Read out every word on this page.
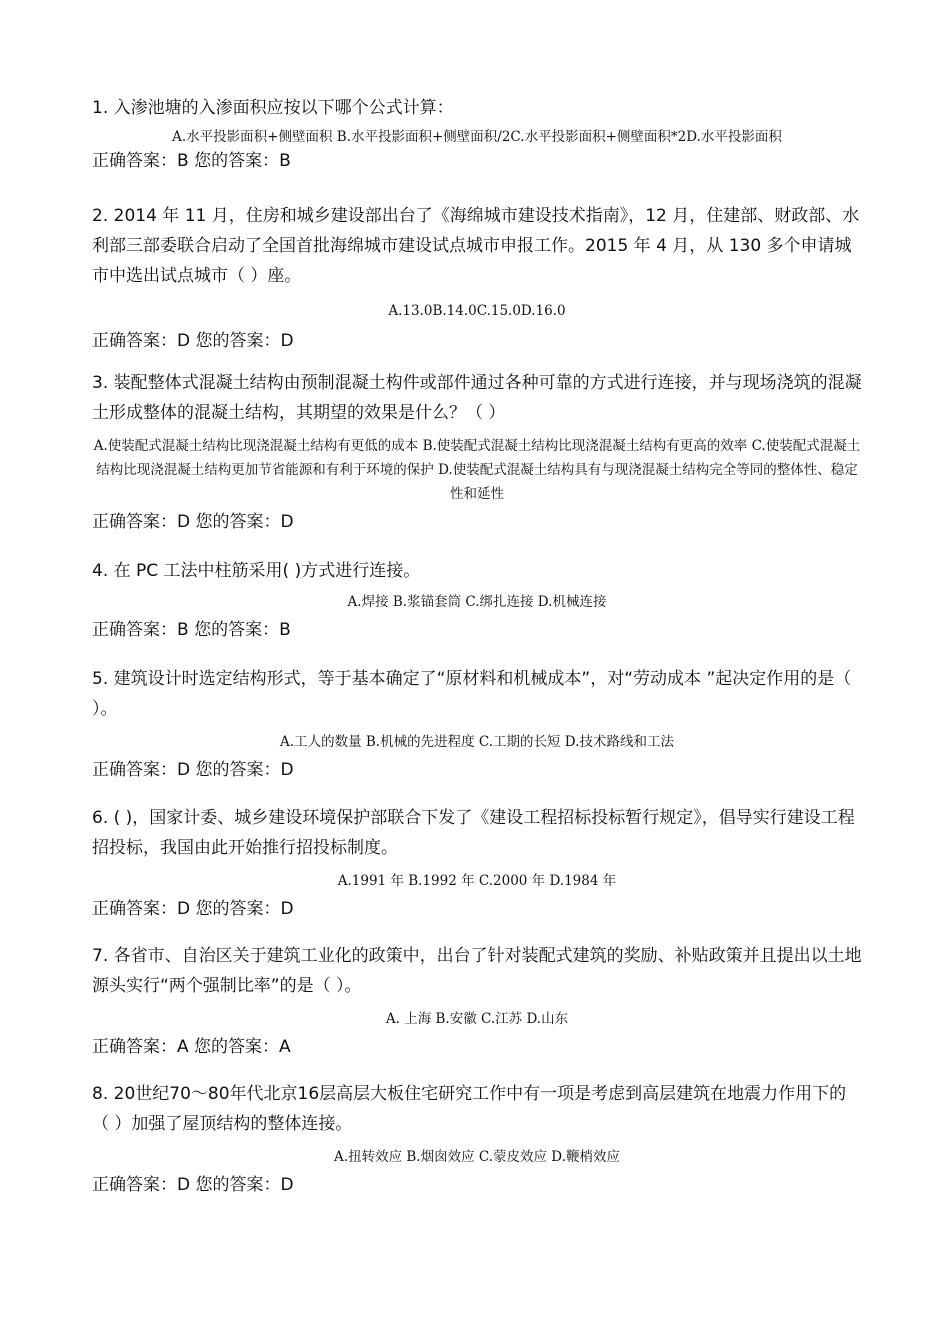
1. 入渗池塘的入渗面积应按以下哪个公式计算：

A.水平投影面积+侧壁面积 B.水平投影面积+侧壁面积/2C.水平投影面积+侧壁面积*2D.水平投影面积

正确答案：B 您的答案：B

2. 2014 年 11 月，住房和城乡建设部出台了《海绵城市建设技术指南》，12 月，住建部、财政部、水利部三部委联合启动了全国首批海绵城市建设试点城市申报工作。2015 年 4 月，从 130 多个申请城市中选出试点城市（ ）座。

A.13.0B.14.0C.15.0D.16.0

正确答案：D 您的答案：D

3. 装配整体式混凝土结构由预制混凝土构件或部件通过各种可靠的方式进行连接，并与现场浇筑的混凝土形成整体的混凝土结构，其期望的效果是什么？（ ）

A.使装配式混凝土结构比现浇混凝土结构有更低的成本 B.使装配式混凝土结构比现浇混凝土结构有更高的效率 C.使装配式混凝土结构比现浇混凝土结构更加节省能源和有利于环境的保护 D.使装配式混凝土结构具有与现浇混凝土结构完全等同的整体性、稳定性和延性

正确答案：D 您的答案：D

4. 在 PC 工法中柱筋采用( )方式进行连接。

A.焊接 B.浆锚套筒 C.绑扎连接 D.机械连接

正确答案：B 您的答案：B

5. 建筑设计时选定结构形式，等于基本确定了“原材料和机械成本”，对“劳动成本 ”起决定作用的是（ ）。

A.工人的数量 B.机械的先进程度 C.工期的长短 D.技术路线和工法

正确答案：D 您的答案：D

6. ( )，国家计委、城乡建设环境保护部联合下发了《建设工程招标投标暂行规定》，倡导实行建设工程招投标，我国由此开始推行招投标制度。

A.1991 年 B.1992 年 C.2000 年 D.1984 年

正确答案：D 您的答案：D

7. 各省市、自治区关于建筑工业化的政策中，出台了针对装配式建筑的奖励、补贴政策并且提出以土地源头实行“两个强制比率”的是（ ）。

A. 上海 B.安徽 C.江苏 D.山东

正确答案：A 您的答案：A

8. 20世纪70～80年代北京16层高层大板住宅研究工作中有一项是考虑到高层建筑在地震力作用下的（ ）加强了屋顶结构的整体连接。

A.扭转效应 B.烟囱效应 C.蒙皮效应 D.鞭梢效应

正确答案：D 您的答案：D
